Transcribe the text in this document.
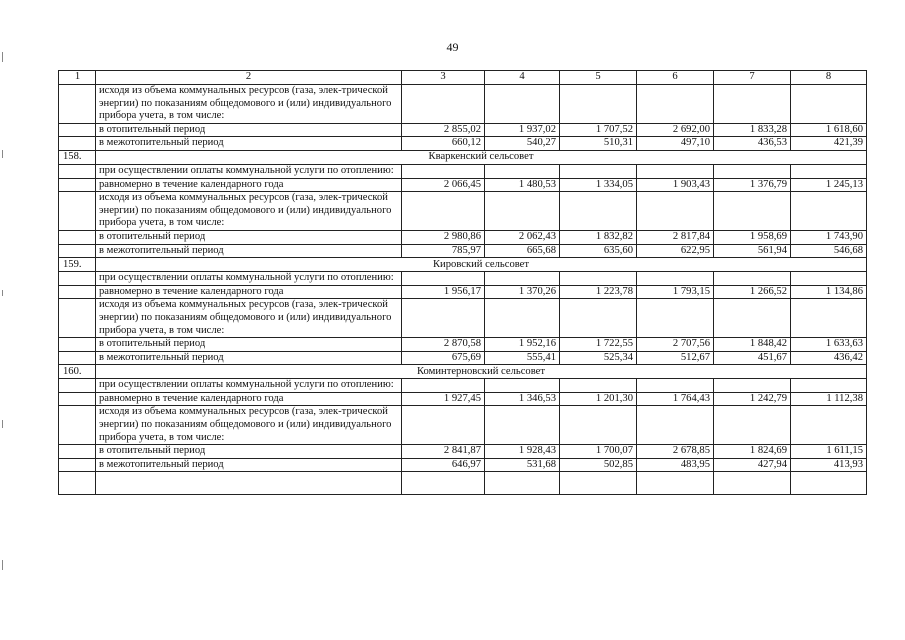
49
1	2	3	4	5	6	7	8
	исходя из объема коммунальных ресурсов (газа, элек-трической энергии) по показаниям общедомового и (или) индивидуального прибора учета, в том числе:						
	в отопительный период	2 855,02	1 937,02	1 707,52	2 692,00	1 833,28	1 618,60
	в межотопительный период	660,12	540,27	510,31	497,10	436,53	421,39
158.	Кваркенский сельсовет						
	при осуществлении оплаты коммунальной услуги по отоплению:						
	равномерно в течение календарного года	2 066,45	1 480,53	1 334,05	1 903,43	1 376,79	1 245,13
	исходя из объема коммунальных ресурсов (газа, элек-трической энергии) по показаниям общедомового и (или) индивидуального прибора учета, в том числе:						
	в отопительный период	2 980,86	2 062,43	1 832,82	2 817,84	1 958,69	1 743,90
	в межотопительный период	785,97	665,68	635,60	622,95	561,94	546,68
159.	Кировский сельсовет						
	при осуществлении оплаты коммунальной услуги по отоплению:						
	равномерно в течение календарного года	1 956,17	1 370,26	1 223,78	1 793,15	1 266,52	1 134,86
	исходя из объема коммунальных ресурсов (газа, элек-трической энергии) по показаниям общедомового и (или) индивидуального прибора учета, в том числе:						
	в отопительный период	2 870,58	1 952,16	1 722,55	2 707,56	1 848,42	1 633,63
	в межотопительный период	675,69	555,41	525,34	512,67	451,67	436,42
160.	Коминтерновский сельсовет						
	при осуществлении оплаты коммунальной услуги по отоплению:						
	равномерно в течение календарного года	1 927,45	1 346,53	1 201,30	1 764,43	1 242,79	1 112,38
	исходя из объема коммунальных ресурсов (газа, элек-трической энергии) по показаниям общедомового и (или) индивидуального прибора учета, в том числе:						
	в отопительный период	2 841,87	1 928,43	1 700,07	2 678,85	1 824,69	1 611,15
	в межотопительный период	646,97	531,68	502,85	483,95	427,94	413,93
